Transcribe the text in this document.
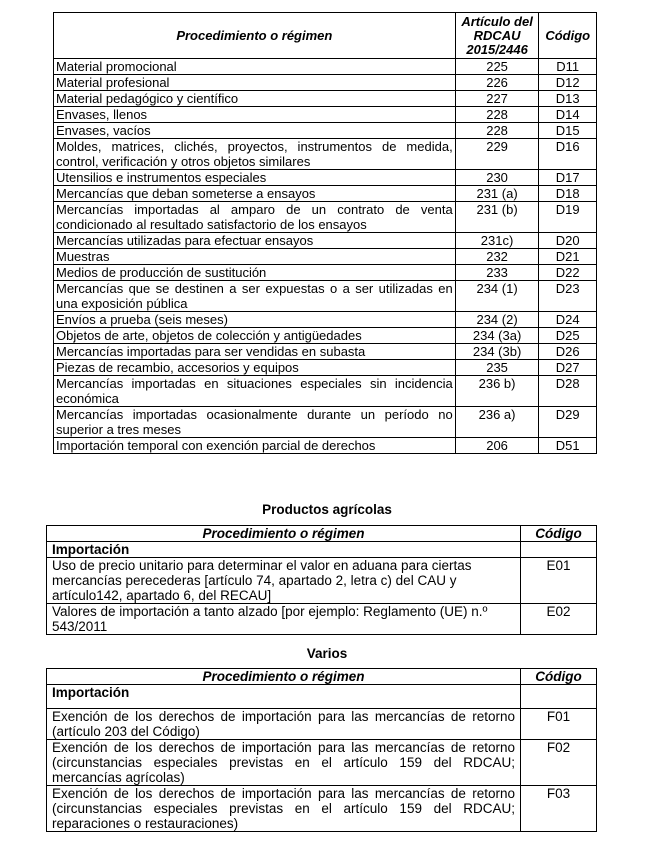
Procedimiento o régimen	Artículo del RDCAU 2015/2446	Código
Material promocional	225	D11
Material profesional	226	D12
Material pedagógico y científico	227	D13
Envases, llenos	228	D14
Envases, vacíos	228	D15
Moldes, matrices, clichés, proyectos, instrumentos de medida, control, verificación y otros objetos similares	229	D16
Utensilios e instrumentos especiales	230	D17
Mercancías que deban someterse a ensayos	231 (a)	D18
Mercancías importadas al amparo de un contrato de venta condicionado al resultado satisfactorio de los ensayos	231 (b)	D19
Mercancías utilizadas para efectuar ensayos	231c)	D20
Muestras	232	D21
Medios de producción de sustitución	233	D22
Mercancías que se destinen a ser expuestas o a ser utilizadas en una exposición pública	234 (1)	D23
Envíos a prueba (seis meses)	234 (2)	D24
Objetos de arte, objetos de colección y antigüedades	234 (3a)	D25
Mercancías importadas para ser vendidas en subasta	234 (3b)	D26
Piezas de recambio, accesorios y equipos	235	D27
Mercancías importadas en situaciones especiales sin incidencia económica	236 b)	D28
Mercancías importadas ocasionalmente durante un período no superior a tres meses	236 a)	D29
Importación temporal con exención parcial de derechos	206	D51
Productos agrícolas
Procedimiento o régimen	Código
Importación	
Uso de precio unitario para determinar el valor en aduana para ciertas mercancías perecederas [artículo 74, apartado 2, letra c) del CAU y artículo142, apartado 6, del RECAU]	E01
Valores de importación a tanto alzado [por ejemplo: Reglamento (UE) n.º 543/2011	E02
Varios
Procedimiento o régimen	Código
Importación	
Exención de los derechos de importación para las mercancías de retorno (artículo 203 del Código)	F01
Exención de los derechos de importación para las mercancías de retorno (circunstancias especiales previstas en el artículo 159 del RDCAU; mercancías agrícolas)	F02
Exención de los derechos de importación para las mercancías de retorno (circunstancias especiales previstas en el artículo 159 del RDCAU; reparaciones o restauraciones)	F03
